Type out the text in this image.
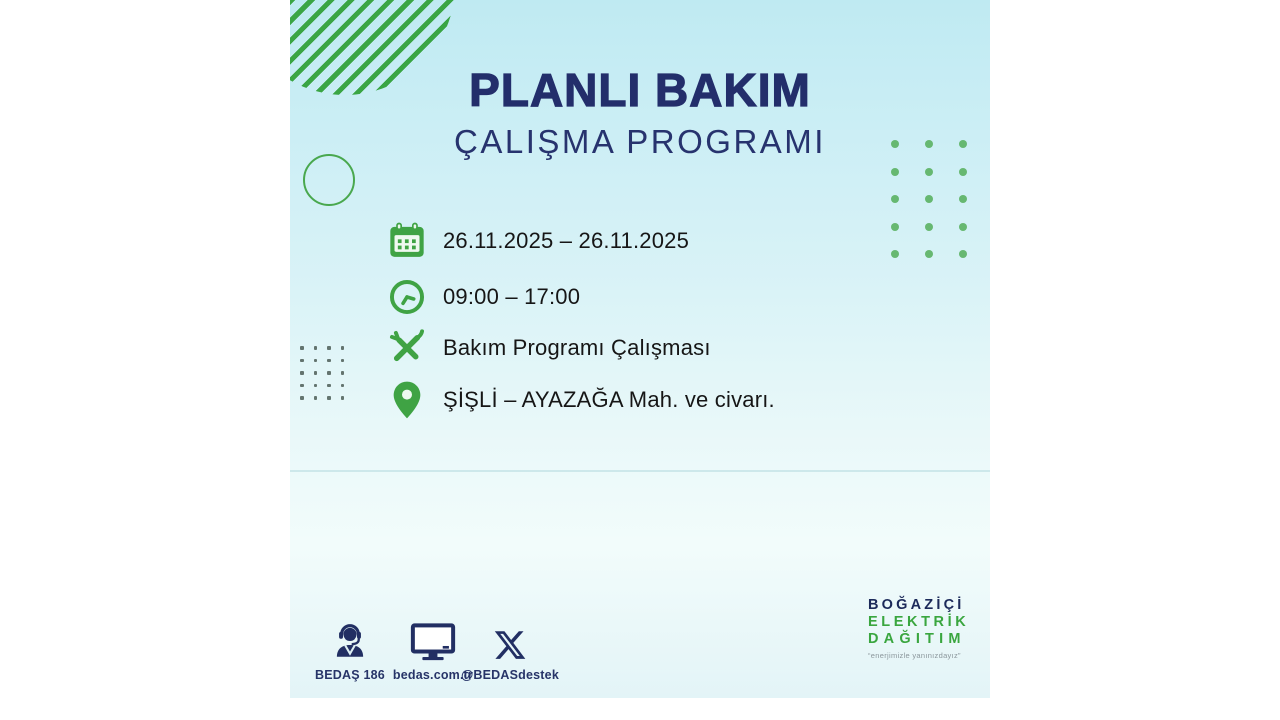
PLANLI BAKIM
ÇALIŞMA PROGRAMI
26.11.2025 – 26.11.2025
09:00 – 17:00
Bakım Programı Çalışması
ŞİŞLİ – AYAZAĞA Mah. ve civarı.
BEDAŞ 186 bedas.com.tr
@BEDASdestek
BOĞAZİÇİ
ELEKTRİK
DAĞITIM
“enerjimizle yanınızdayız”
